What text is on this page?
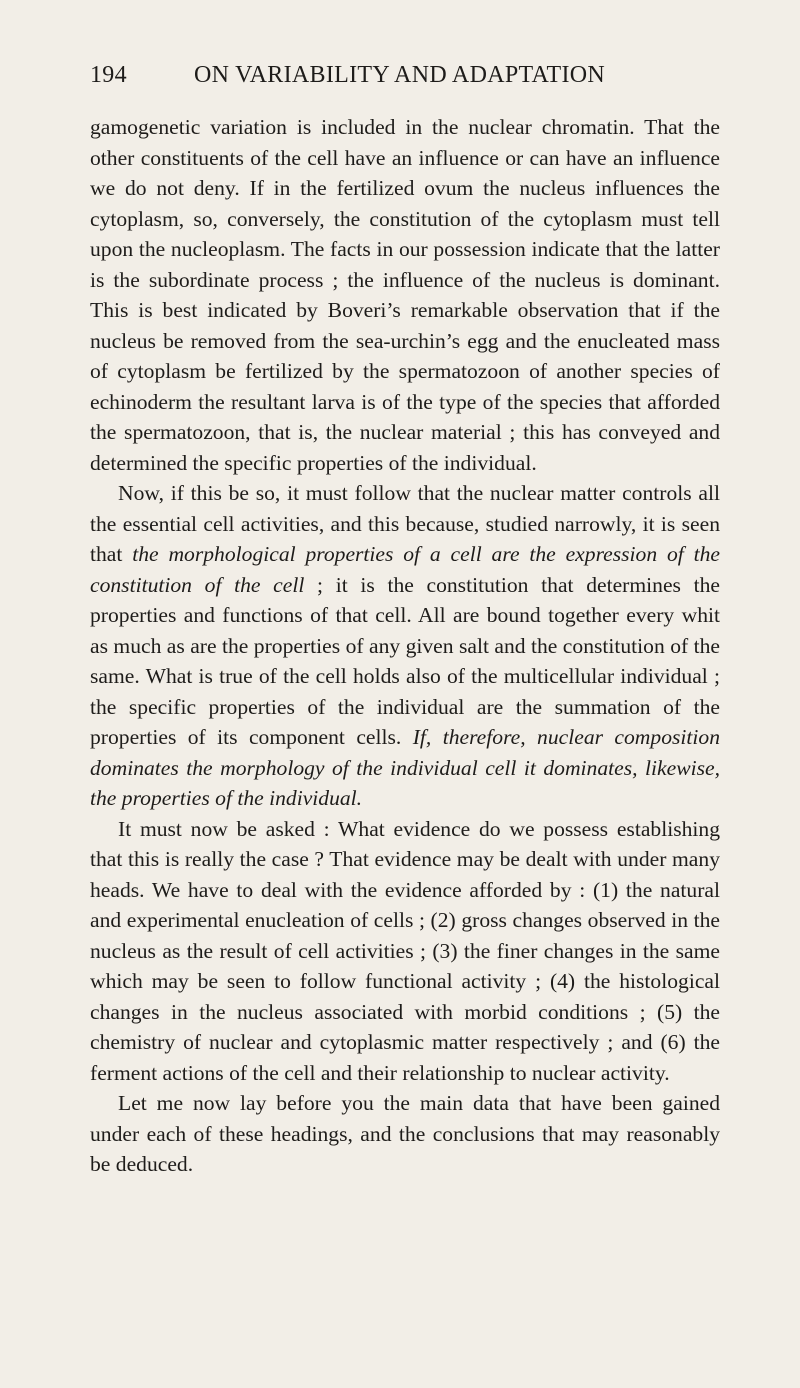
194	ON VARIABILITY AND ADAPTATION

gamogenetic variation is included in the nuclear chromatin. That the other constituents of the cell have an influence or can have an influence we do not deny. If in the fertilized ovum the nucleus influences the cytoplasm, so, conversely, the constitution of the cytoplasm must tell upon the nucleoplasm. The facts in our possession indicate that the latter is the subordinate process ; the influence of the nucleus is dominant. This is best indicated by Boveri’s remarkable observation that if the nucleus be removed from the sea-urchin’s egg and the enucleated mass of cytoplasm be fertilized by the spermatozoon of another species of echinoderm the resultant larva is of the type of the species that afforded the spermatozoon, that is, the nuclear material ; this has conveyed and determined the specific properties of the individual.

Now, if this be so, it must follow that the nuclear matter controls all the essential cell activities, and this because, studied narrowly, it is seen that the morphological properties of a cell are the expression of the constitution of the cell ; it is the constitution that determines the properties and functions of that cell. All are bound together every whit as much as are the properties of any given salt and the constitution of the same. What is true of the cell holds also of the multicellular individual ; the specific properties of the individual are the summation of the properties of its component cells. If, therefore, nuclear composition dominates the morphology of the individual cell it dominates, likewise, the properties of the individual.

It must now be asked : What evidence do we possess establishing that this is really the case ? That evidence may be dealt with under many heads. We have to deal with the evidence afforded by : (1) the natural and experimental enucleation of cells ; (2) gross changes observed in the nucleus as the result of cell activities ; (3) the finer changes in the same which may be seen to follow functional activity ; (4) the histological changes in the nucleus associated with morbid conditions ; (5) the chemistry of nuclear and cytoplasmic matter respectively ; and (6) the ferment actions of the cell and their relationship to nuclear activity.

Let me now lay before you the main data that have been gained under each of these headings, and the conclusions that may reasonably be deduced.
